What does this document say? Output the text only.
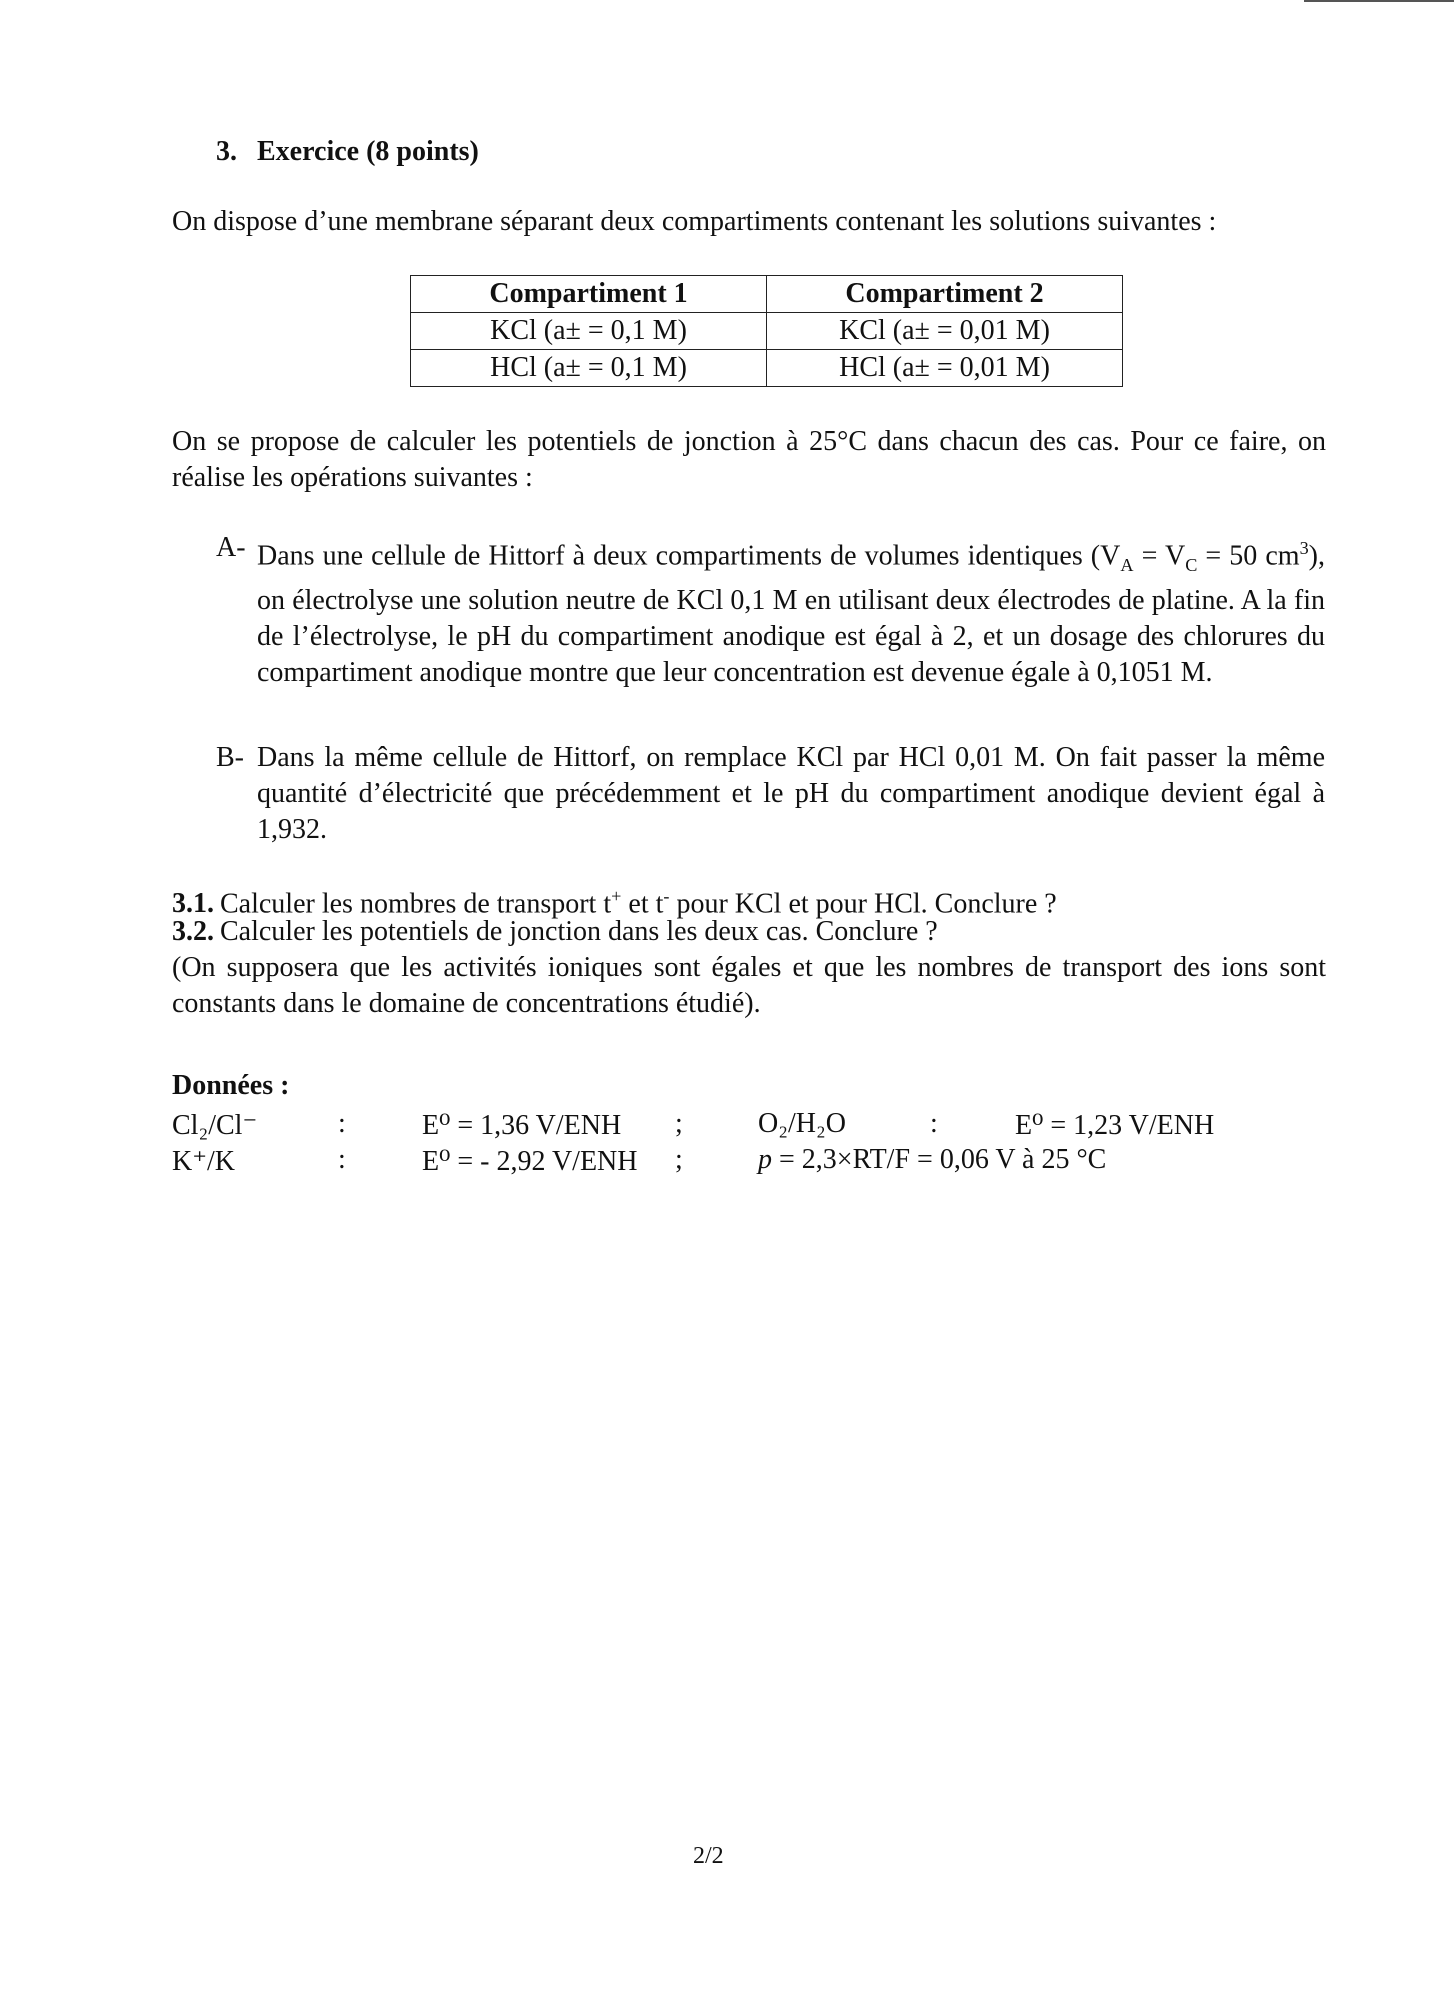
3. Exercice (8 points)
On dispose d’une membrane séparant deux compartiments contenant les solutions suivantes :
Compartiment 1	Compartiment 2
KCl (a± = 0,1 M)	KCl (a± = 0,01 M)
HCl (a± = 0,1 M)	HCl (a± = 0,01 M)
On se propose de calculer les potentiels de jonction à 25°C dans chacun des cas. Pour ce faire, on réalise les opérations suivantes :
A- Dans une cellule de Hittorf à deux compartiments de volumes identiques ($V_A = V_C = 50$ $cm^3$), on électrolyse une solution neutre de KCl 0,1 M en utilisant deux électrodes de platine. A la fin de l’électrolyse, le pH du compartiment anodique est égal à 2, et un dosage des chlorures du compartiment anodique montre que leur concentration est devenue égale à 0,1051 M.
B- Dans la même cellule de Hittorf, on remplace KCl par HCl 0,01 M. On fait passer la même quantité d’électricité que précédemment et le pH du compartiment anodique devient égal à 1,932.
3.1. Calculer les nombres de transport t+ et t- pour KCl et pour HCl. Conclure ?
3.2. Calculer les potentiels de jonction dans les deux cas. Conclure ?
(On supposera que les activités ioniques sont égales et que les nombres de transport des ions sont constants dans le domaine de concentrations étudié).
Données :
Cl₂/Cl⁻	:	E⁰ = 1,36 V/ENH ;	O₂/H₂O	:	E⁰ = 1,23 V/ENH
K⁺/K	:	E⁰ = - 2,92 V/ENH ;	p = 2,3×RT/F = 0,06 V à 25 °C
2/2
